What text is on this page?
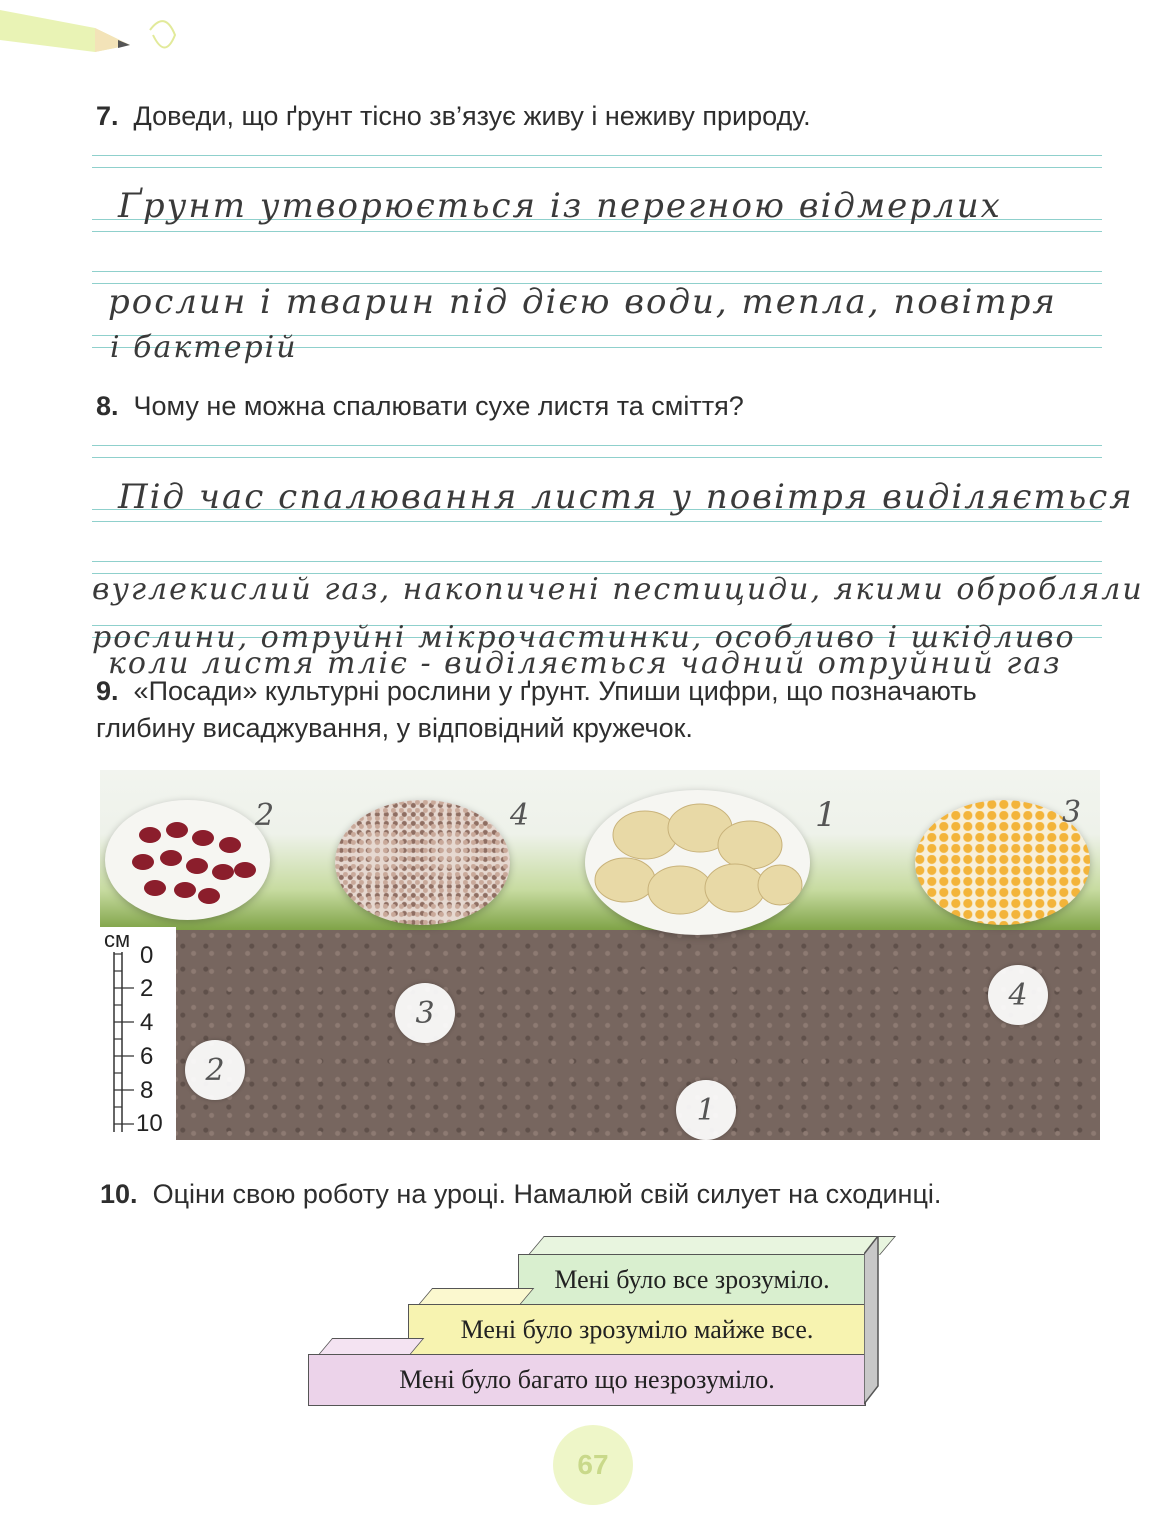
7. Доведи, що ґрунт тісно зв’язує живу і неживу природу.
Ґрунт утворюється із перегною відмерлих
рослин і тварин під дією води, тепла, повітря
і бактерій
8. Чому не можна спалювати сухе листя та сміття?
Під час спалювання листя у повітря виділяється
вуглекислий газ, накопичені пестициди, якими обробляли
рослини, отруйні мікрочастинки, особливо і шкідливо
коли листя тліє - виділяється чадний отруйний газ
9. «Посади» культурні рослини у ґрунт. Упиши цифри, що позначають
глибину висаджування, у відповідний кружечок.
2	4	1	3
см
0
2
4
6
8
10
2
3
1
4
10. Оціни свою роботу на уроці. Намалюй свій силует на сходинці.
Мені було все зрозуміло.
Мені було зрозуміло майже все.
Мені було багато що незрозуміло.
67
